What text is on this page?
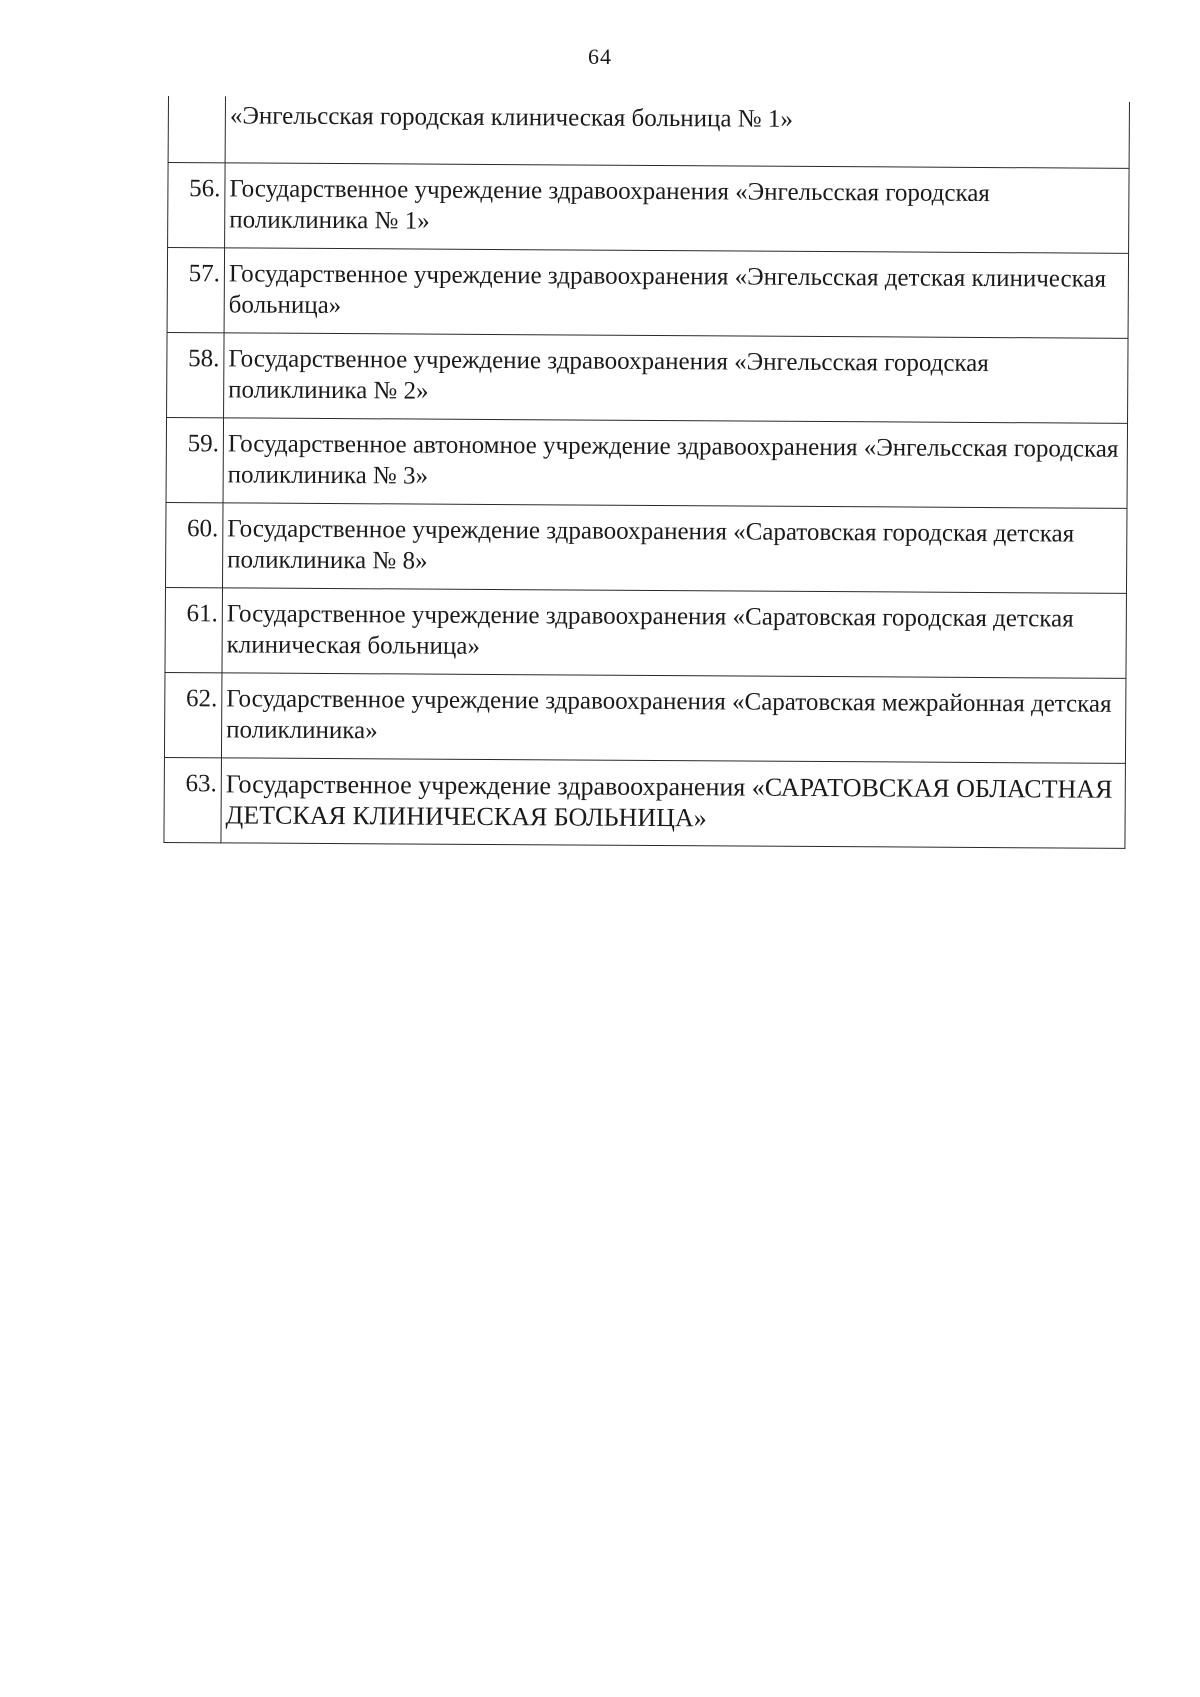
64
	«Энгельсская городская клиническая больница № 1»
56.	Государственное учреждение здравоохранения «Энгельсская городская поликлиника № 1»
57.	Государственное учреждение здравоохранения «Энгельсская детская клиническая больница»
58.	Государственное учреждение здравоохранения «Энгельсская городская поликлиника № 2»
59.	Государственное автономное учреждение здравоохранения «Энгельсская городская поликлиника № 3»
60.	Государственное учреждение здравоохранения «Саратовская городская детская поликлиника № 8»
61.	Государственное учреждение здравоохранения «Саратовская городская детская клиническая больница»
62.	Государственное учреждение здравоохранения «Саратовская межрайонная детская поликлиника»
63.	Государственное учреждение здравоохранения «САРАТОВСКАЯ ОБЛАСТНАЯ ДЕТСКАЯ КЛИНИЧЕСКАЯ БОЛЬНИЦА»
